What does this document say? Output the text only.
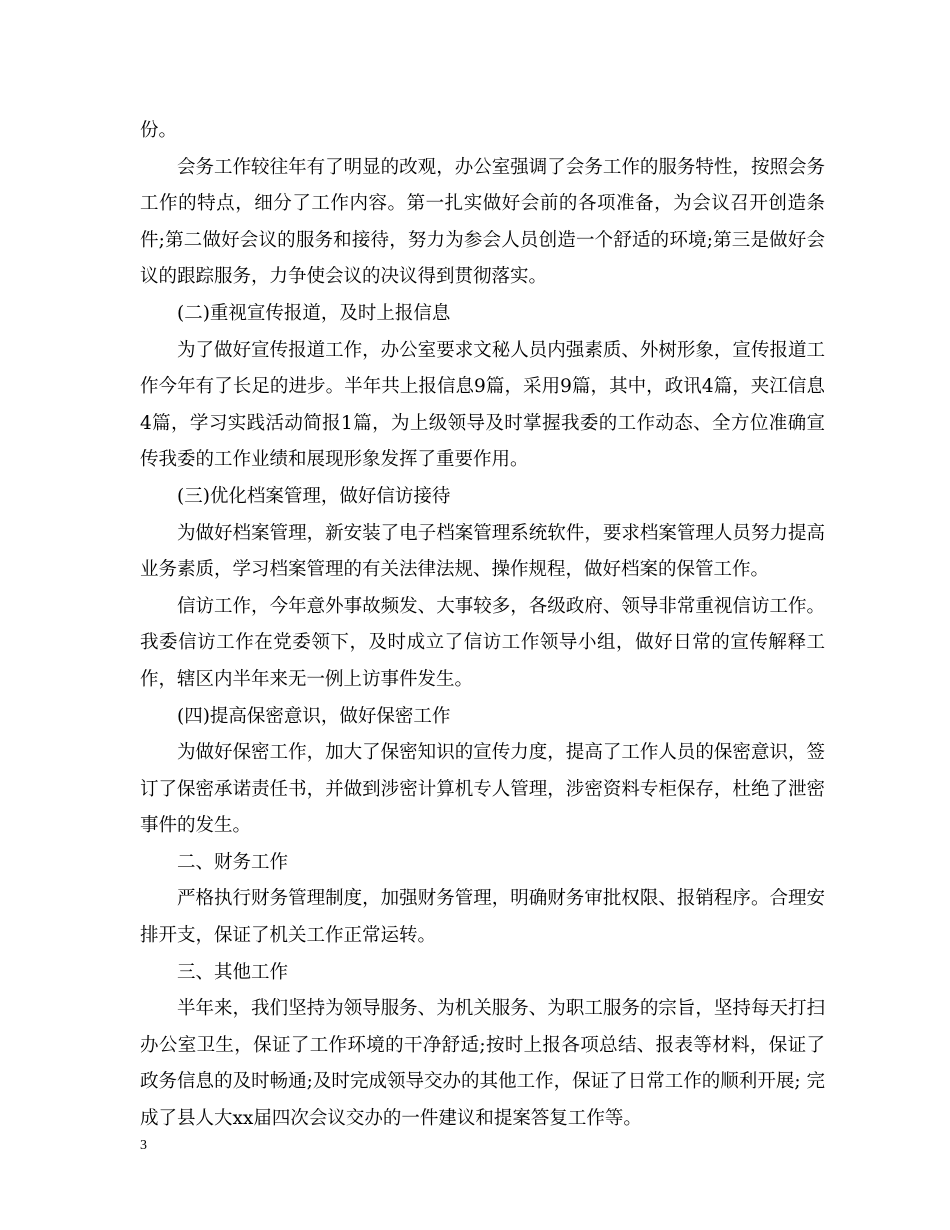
份。

会务工作较往年有了明显的改观，办公室强调了会务工作的服务特性，按照会务工作的特点，细分了工作内容。第一扎实做好会前的各项准备，为会议召开创造条件;第二做好会议的服务和接待，努力为参会人员创造一个舒适的环境;第三是做好会议的跟踪服务，力争使会议的决议得到贯彻落实。

(二)重视宣传报道，及时上报信息

为了做好宣传报道工作，办公室要求文秘人员内强素质、外树形象，宣传报道工作今年有了长足的进步。半年共上报信息9篇，采用9篇，其中，政讯4篇，夹江信息4篇，学习实践活动简报1篇，为上级领导及时掌握我委的工作动态、全方位准确宣传我委的工作业绩和展现形象发挥了重要作用。

(三)优化档案管理，做好信访接待

为做好档案管理，新安装了电子档案管理系统软件，要求档案管理人员努力提高业务素质，学习档案管理的有关法律法规、操作规程，做好档案的保管工作。

信访工作，今年意外事故频发、大事较多，各级政府、领导非常重视信访工作。我委信访工作在党委领下，及时成立了信访工作领导小组，做好日常的宣传解释工作，辖区内半年来无一例上访事件发生。

(四)提高保密意识，做好保密工作

为做好保密工作，加大了保密知识的宣传力度，提高了工作人员的保密意识，签订了保密承诺责任书，并做到涉密计算机专人管理，涉密资料专柜保存，杜绝了泄密事件的发生。

二、财务工作

严格执行财务管理制度，加强财务管理，明确财务审批权限、报销程序。合理安排开支，保证了机关工作正常运转。

三、其他工作

半年来，我们坚持为领导服务、为机关服务、为职工服务的宗旨，坚持每天打扫办公室卫生，保证了工作环境的干净舒适;按时上报各项总结、报表等材料，保证了政务信息的及时畅通;及时完成领导交办的其他工作，保证了日常工作的顺利开展; 完成了县人大xx届四次会议交办的一件建议和提案答复工作等。

3
